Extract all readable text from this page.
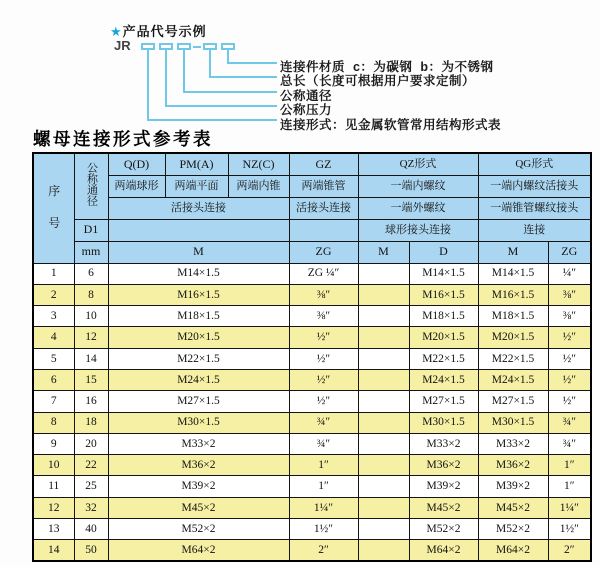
★产品代号示例
JR
连接件材质  c：为碳钢  b：为不锈钢
总长（长度可根据用户要求定制）
公称通径
公称压力
连接形式：见金属软管常用结构形式表
螺母连接形式参考表
序号	公称通径	Q(D)	PM(A)	NZ(C)	GZ	QZ形式		QG形式	
		两端球形	两端平面	两端内锥	两端锥管	一端内螺纹		一端内螺纹活接头	
		活接头连接			活接头连接	一端外螺纹		一端锥管螺纹接头	
	D1					球形接头连接		连接	
	mm	M			ZG	M	D	M	ZG
1	6	M14×1.5			ZG ¼″		M14×1.5	M14×1.5	¼″
2	8	M16×1.5			⅜″		M16×1.5	M16×1.5	⅜″
3	10	M18×1.5			⅜″		M18×1.5	M18×1.5	⅜″
4	12	M20×1.5			½″		M20×1.5	M20×1.5	½″
5	14	M22×1.5			½″		M22×1.5	M22×1.5	½″
6	15	M24×1.5			½″		M24×1.5	M24×1.5	½″
7	16	M27×1.5			½″		M27×1.5	M27×1.5	½″
8	18	M30×1.5			¾″		M30×1.5	M30×1.5	¾″
9	20	M33×2			¾″		M33×2	M33×2	¾″
10	22	M36×2			1″		M36×2	M36×2	1″
11	25	M39×2			1″		M39×2	M39×2	1″
12	32	M45×2			1¼″		M45×2	M45×2	1¼″
13	40	M52×2			1½″		M52×2	M52×2	1½″
14	50	M64×2			2″		M64×2	M64×2	2″
